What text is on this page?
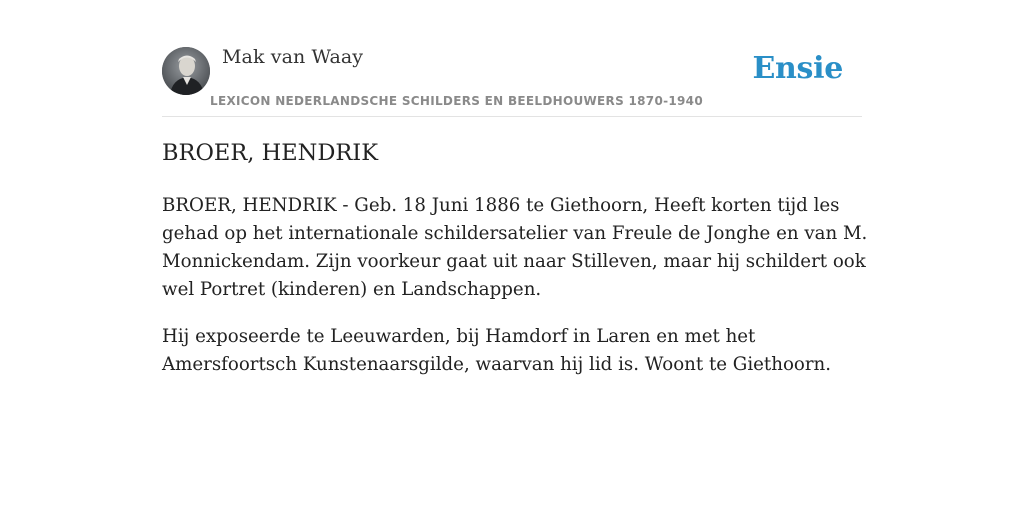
Mak van Waay
LEXICON NEDERLANDSCHE SCHILDERS EN BEELDHOUWERS 1870-1940
Ensie
BROER, HENDRIK

BROER, HENDRIK - Geb. 18 Juni 1886 te Giethoorn, Heeft korten tijd les gehad op het internationale schildersatelier van Freule de Jonghe en van M. Monnickendam. Zijn voorkeur gaat uit naar Stilleven, maar hij schildert ook wel Portret (kinderen) en Landschappen.

Hij exposeerde te Leeuwarden, bij Hamdorf in Laren en met het Amersfoortsch Kunstenaarsgilde, waarvan hij lid is. Woont te Giethoorn.
